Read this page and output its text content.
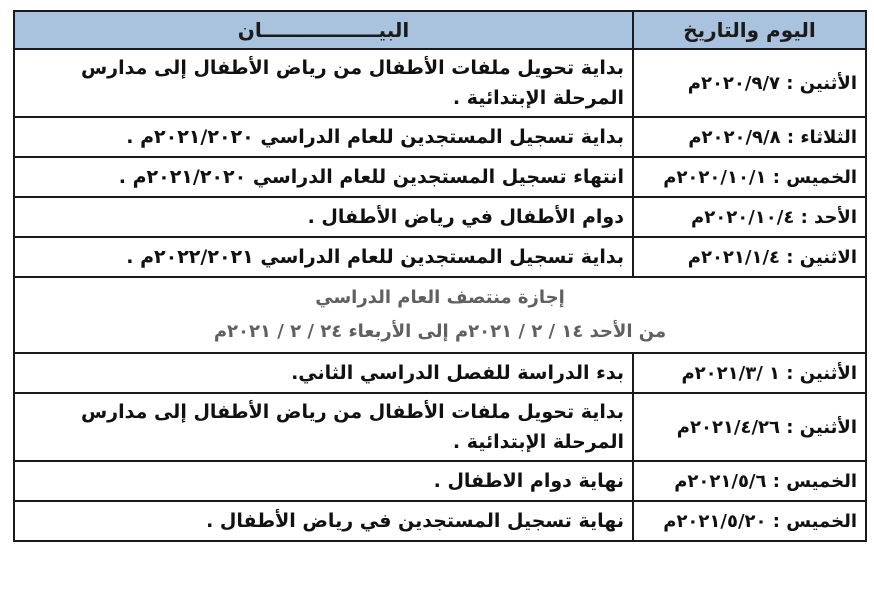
اليوم والتاريخ	البيـــــــــــــــــان
الأثنين : ٢٠٢٠/٩/٧م	بداية تحويل ملفات الأطفال من رياض الأطفال إلى مدارس المرحلة الإبتدائية .
الثلاثاء : ٢٠٢٠/٩/٨م	بداية تسجيل المستجدين للعام الدراسي ٢٠٢١/٢٠٢٠م .
الخميس : ٢٠٢٠/١٠/١م	انتهاء تسجيل المستجدين للعام الدراسي ٢٠٢١/٢٠٢٠م .
الأحد : ٢٠٢٠/١٠/٤م	دوام الأطفال في رياض الأطفال .
الاثنين : ٢٠٢١/١/٤م	بداية تسجيل المستجدين للعام الدراسي ٢٠٢٢/٢٠٢١م .

إجازة منتصف العام الدراسي
من الأحد ١٤ / ٢ / ٢٠٢١م إلى الأربعاء ٢٤ / ٢ / ٢٠٢١م	

الأثنين : ١ /٢٠٢١/٣م	بدء الدراسة للفصل الدراسي الثاني.
الأثنين : ٢٠٢١/٤/٢٦م	بداية تحويل ملفات الأطفال من رياض الأطفال إلى مدارس المرحلة الإبتدائية .
الخميس : ٢٠٢١/٥/٦م	نهاية دوام الاطفال .
الخميس : ٢٠٢١/٥/٢٠م	نهاية تسجيل المستجدين في رياض الأطفال .
